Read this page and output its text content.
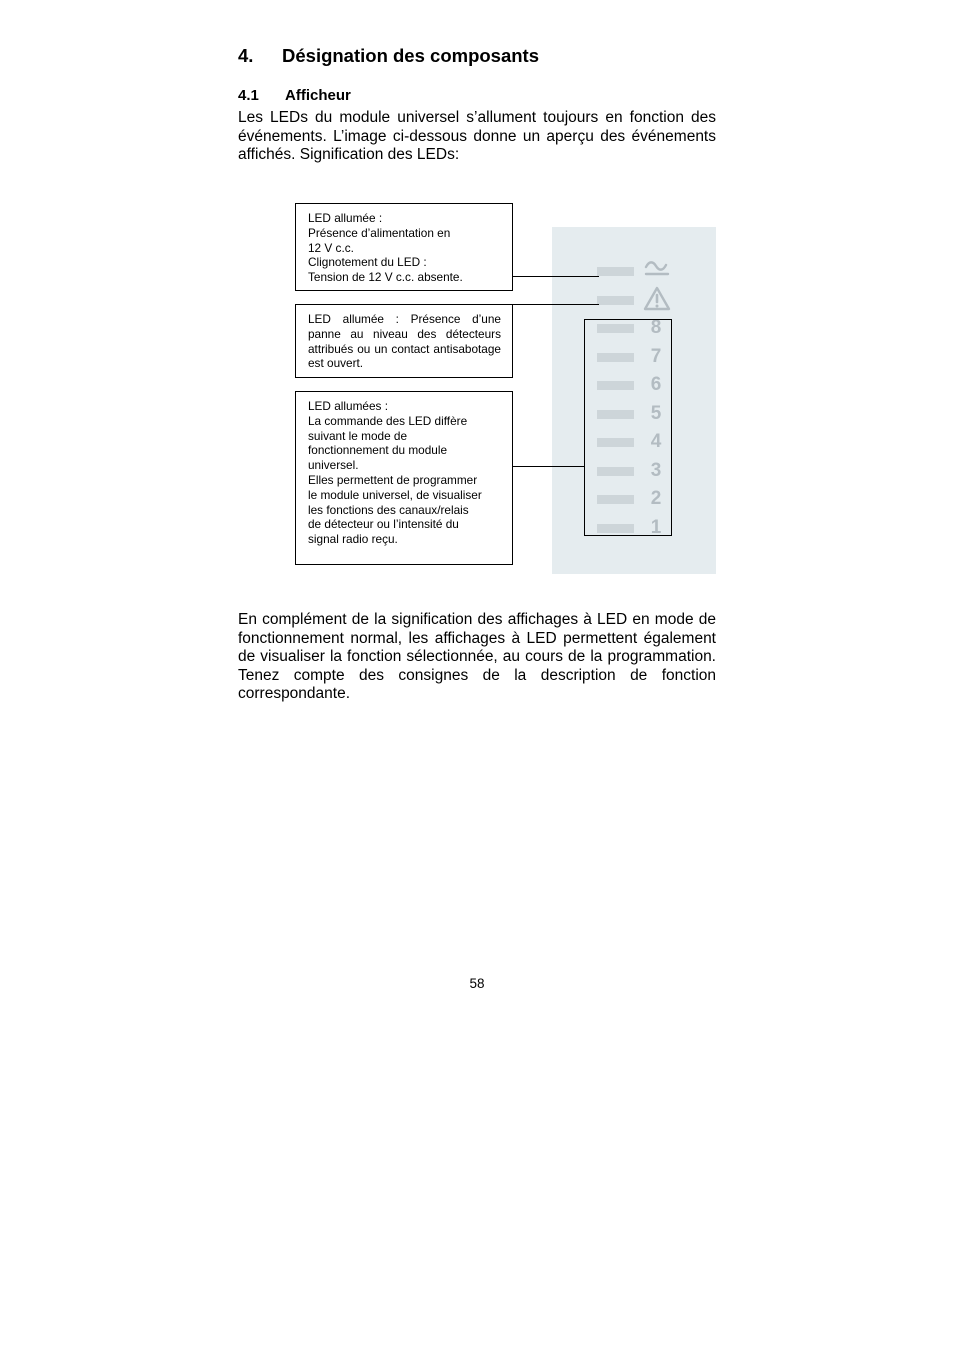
4. Désignation des composants
4.1 Afficheur
Les LEDs du module universel s’allument toujours en fonction des événements. L’image ci-dessous donne un aperçu des événements affichés. Signification des LEDs:
8
7
6
5
4
3
2
1

LED allumée :

Présence d’alimentation en

12 V c.c.

Clignotement du LED :

Tension de 12 V c.c. absente.

LED allumée : Présence d’une panne au niveau des détecteurs attribués ou un contact antisabotage est ouvert.

LED allumées :

La commande des LED diffère

suivant le mode de

fonctionnement du module

universel.

Elles permettent de programmer

le module universel, de visualiser

les fonctions des canaux/relais

de détecteur ou l’intensité du

signal radio reçu.

En complément de la signification des affichages à LED en mode de fonctionnement normal, les affichages à LED permettent également de visualiser la fonction sélectionnée, au cours de la programmation. Tenez compte des consignes de la description de fonction correspondante.
58
